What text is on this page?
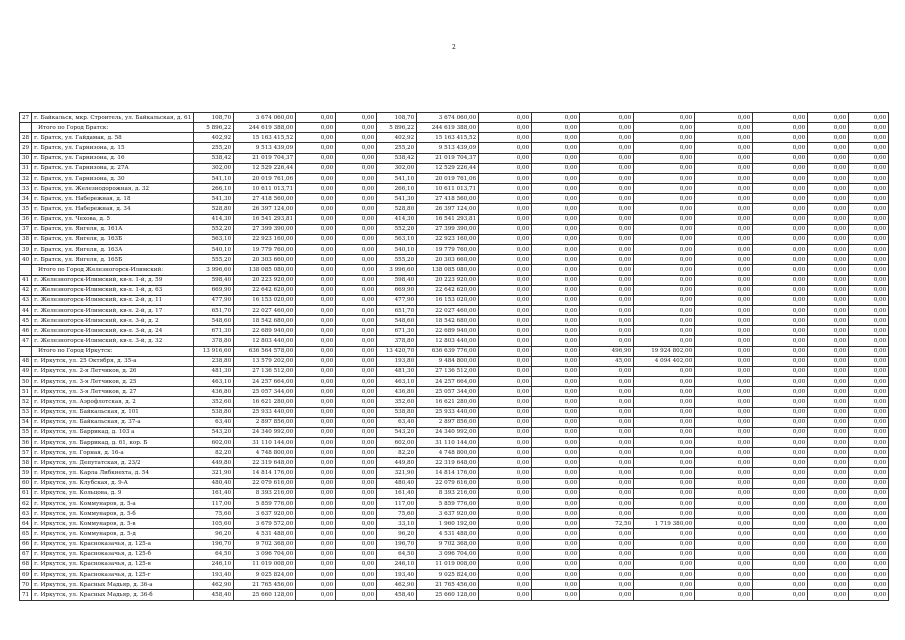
2
27	г. Байкальск, мкр. Строитель, ул. Байкальская, д. 61	108,70	3 674 060,00	0,00	0,00	108,70	3 674 060,00	0,00	0,00	0,00	0,00	0,00	0,00	0,00	0,00
	Итого по Город Братск:	5 896,22	244 619 388,00	0,00	0,00	5 896,22	244 619 388,00	0,00	0,00	0,00	0,00	0,00	0,00	0,00	0,00
28	г. Братск, ул. Гайдамак, д. 58	402,92	15 163 415,52	0,00	0,00	402,92	15 163 415,52	0,00	0,00	0,00	0,00	0,00	0,00	0,00	0,00
29	г. Братск, ул. Гарнизона, д. 15	255,20	9 513 439,09	0,00	0,00	255,20	9 513 439,09	0,00	0,00	0,00	0,00	0,00	0,00	0,00	0,00
30	г. Братск, ул. Гарнизона, д. 16	538,42	21 019 704,37	0,00	0,00	538,42	21 019 704,37	0,00	0,00	0,00	0,00	0,00	0,00	0,00	0,00
31	г. Братск, ул. Гарнизона, д. 27А	302,00	12 529 226,44	0,00	0,00	302,00	12 529 226,44	0,00	0,00	0,00	0,00	0,00	0,00	0,00	0,00
32	г. Братск, ул. Гарнизона, д. 30	541,10	20 019 761,06	0,00	0,00	541,10	20 019 761,06	0,00	0,00	0,00	0,00	0,00	0,00	0,00	0,00
33	г. Братск, ул. Железнодорожная, д. 32	266,10	10 611 013,71	0,00	0,00	266,10	10 611 013,71	0,00	0,00	0,00	0,00	0,00	0,00	0,00	0,00
34	г. Братск, ул. Набережная, д. 18	541,30	27 418 560,00	0,00	0,00	541,30	27 418 560,00	0,00	0,00	0,00	0,00	0,00	0,00	0,00	0,00
35	г. Братск, ул. Набережная, д. 34	528,80	26 397 124,00	0,00	0,00	528,80	26 397 124,00	0,00	0,00	0,00	0,00	0,00	0,00	0,00	0,00
36	г. Братск, ул. Чехова, д. 5	414,30	16 541 293,81	0,00	0,00	414,30	16 541 293,81	0,00	0,00	0,00	0,00	0,00	0,00	0,00	0,00
37	г. Братск, ул. Янгеля, д. 161А	552,20	27 399 390,00	0,00	0,00	552,20	27 399 390,00	0,00	0,00	0,00	0,00	0,00	0,00	0,00	0,00
38	г. Братск, ул. Янгеля, д. 163Б	563,10	22 923 160,00	0,00	0,00	563,10	22 923 160,00	0,00	0,00	0,00	0,00	0,00	0,00	0,00	0,00
39	г. Братск, ул. Янгеля, д. 163А	540,10	19 779 760,00	0,00	0,00	540,10	19 779 760,00	0,00	0,00	0,00	0,00	0,00	0,00	0,00	0,00
40	г. Братск, ул. Янгеля, д. 165Б	555,20	20 303 660,00	0,00	0,00	555,20	20 303 660,00	0,00	0,00	0,00	0,00	0,00	0,00	0,00	0,00
	Итого по Город Железногорск-Илимский:	3 996,60	138 085 080,00	0,00	0,00	3 996,60	138 085 080,00	0,00	0,00	0,00	0,00	0,00	0,00	0,00	0,00
41	г. Железногорск-Илимский, кв-л. 1-й, д. 59	598,40	20 223 920,00	0,00	0,00	598,40	20 223 920,00	0,00	0,00	0,00	0,00	0,00	0,00	0,00	0,00
42	г. Железногорск-Илимский, кв-л. 1-й, д. 63	669,90	22 642 620,00	0,00	0,00	669,90	22 642 620,00	0,00	0,00	0,00	0,00	0,00	0,00	0,00	0,00
43	г. Железногорск-Илимский, кв-л. 2-й, д. 11	477,90	16 153 020,00	0,00	0,00	477,90	16 153 020,00	0,00	0,00	0,00	0,00	0,00	0,00	0,00	0,00
44	г. Железногорск-Илимский, кв-л. 2-й, д. 17	651,70	22 027 460,00	0,00	0,00	651,70	22 027 460,00	0,00	0,00	0,00	0,00	0,00	0,00	0,00	0,00
45	г. Железногорск-Илимский, кв-л. 3-й, д. 2	548,60	18 542 680,00	0,00	0,00	548,60	18 542 680,00	0,00	0,00	0,00	0,00	0,00	0,00	0,00	0,00
46	г. Железногорск-Илимский, кв-л. 3-й, д. 24	671,30	22 689 940,00	0,00	0,00	671,30	22 689 940,00	0,00	0,00	0,00	0,00	0,00	0,00	0,00	0,00
47	г. Железногорск-Илимский, кв-л. 3-й, д. 32	378,80	12 803 440,00	0,00	0,00	378,80	12 803 440,00	0,00	0,00	0,00	0,00	0,00	0,00	0,00	0,00
	Итого по Город Иркутск:	13 916,60	636 564 578,00	0,00	0,00	13 420,70	636 639 776,00	0,00	0,00	496,90	19 924 802,00	0,00	0,00	0,00	0,00
48	г. Иркутск, ул. 25 Октября, д. 35-а	238,80	13 579 202,00	0,00	0,00	193,80	9 484 800,00	0,00	0,00	45,00	4 094 402,00	0,00	0,00	0,00	0,00
49	г. Иркутск, ул. 2-я Летчиков, д. 26	481,30	27 136 512,00	0,00	0,00	481,30	27 136 512,00	0,00	0,00	0,00	0,00	0,00	0,00	0,00	0,00
50	г. Иркутск, ул. 3-я Летчиков, д. 25	463,10	24 257 664,00	0,00	0,00	463,10	24 257 664,00	0,00	0,00	0,00	0,00	0,00	0,00	0,00	0,00
51	г. Иркутск, ул. 3-я Летчиков, д. 27	436,80	25 057 344,00	0,00	0,00	436,80	25 057 344,00	0,00	0,00	0,00	0,00	0,00	0,00	0,00	0,00
52	г. Иркутск, ул. Аэрофлотская, д. 2	352,60	16 621 280,00	0,00	0,00	352,60	16 621 280,00	0,00	0,00	0,00	0,00	0,00	0,00	0,00	0,00
53	г. Иркутск, ул. Байкальская, д. 101	538,80	25 933 440,00	0,00	0,00	538,80	25 933 440,00	0,00	0,00	0,00	0,00	0,00	0,00	0,00	0,00
54	г. Иркутск, ул. Байкальская, д. 37-а	63,40	2 897 856,00	0,00	0,00	63,40	2 897 856,00	0,00	0,00	0,00	0,00	0,00	0,00	0,00	0,00
55	г. Иркутск, ул. Баррикад, д. 103 а	543,20	24 340 992,00	0,00	0,00	543,20	24 340 992,00	0,00	0,00	0,00	0,00	0,00	0,00	0,00	0,00
56	г. Иркутск, ул. Баррикад, д. 61, кор. Б	602,00	31 110 144,00	0,00	0,00	602,00	31 110 144,00	0,00	0,00	0,00	0,00	0,00	0,00	0,00	0,00
57	г. Иркутск, ул. Горная, д. 16-а	82,20	4 748 800,00	0,00	0,00	82,20	4 748 800,00	0,00	0,00	0,00	0,00	0,00	0,00	0,00	0,00
58	г. Иркутск, ул. Депутатская, д. 23/2	449,80	22 319 648,00	0,00	0,00	449,80	22 319 648,00	0,00	0,00	0,00	0,00	0,00	0,00	0,00	0,00
59	г. Иркутск, ул. Карла Либкнехта, д. 54	321,90	14 814 176,00	0,00	0,00	321,90	14 814 176,00	0,00	0,00	0,00	0,00	0,00	0,00	0,00	0,00
60	г. Иркутск, ул. Клубская, д. 9-А	480,40	22 079 616,00	0,00	0,00	480,40	22 079 616,00	0,00	0,00	0,00	0,00	0,00	0,00	0,00	0,00
61	г. Иркутск, ул. Кольцова, д. 9	161,40	8 393 216,00	0,00	0,00	161,40	8 393 216,00	0,00	0,00	0,00	0,00	0,00	0,00	0,00	0,00
62	г. Иркутск, ул. Коммунаров, д. 5-а	117,00	5 859 776,00	0,00	0,00	117,00	5 859 776,00	0,00	0,00	0,00	0,00	0,00	0,00	0,00	0,00
63	г. Иркутск, ул. Коммунаров, д. 5-б	75,60	3 637 920,00	0,00	0,00	75,60	3 637 920,00	0,00	0,00	0,00	0,00	0,00	0,00	0,00	0,00
64	г. Иркутск, ул. Коммунаров, д. 5-в	105,60	3 679 572,00	0,00	0,00	33,10	1 960 192,00	0,00	0,00	72,50	1 719 380,00	0,00	0,00	0,00	0,00
65	г. Иркутск, ул. Коммунаров, д. 5-д	96,20	4 531 488,00	0,00	0,00	96,20	4 531 488,00	0,00	0,00	0,00	0,00	0,00	0,00	0,00	0,00
66	г. Иркутск, ул. Красноказачья, д. 125-а	196,70	9 702 368,00	0,00	0,00	196,70	9 702 368,00	0,00	0,00	0,00	0,00	0,00	0,00	0,00	0,00
67	г. Иркутск, ул. Красноказачья, д. 125-б	64,50	3 096 704,00	0,00	0,00	64,50	3 096 704,00	0,00	0,00	0,00	0,00	0,00	0,00	0,00	0,00
68	г. Иркутск, ул. Красноказачья, д. 125-в	246,10	11 019 008,00	0,00	0,00	246,10	11 019 008,00	0,00	0,00	0,00	0,00	0,00	0,00	0,00	0,00
69	г. Иркутск, ул. Красноказачья, д. 125-г	193,40	9 025 824,00	0,00	0,00	193,40	9 025 824,00	0,00	0,00	0,00	0,00	0,00	0,00	0,00	0,00
70	г. Иркутск, ул. Красных Мадьяр, д. 36-а	462,90	21 765 456,00	0,00	0,00	462,90	21 765 456,00	0,00	0,00	0,00	0,00	0,00	0,00	0,00	0,00
71	г. Иркутск, ул. Красных Мадьяр, д. 36-б	458,40	25 660 128,00	0,00	0,00	458,40	25 660 128,00	0,00	0,00	0,00	0,00	0,00	0,00	0,00	0,00
